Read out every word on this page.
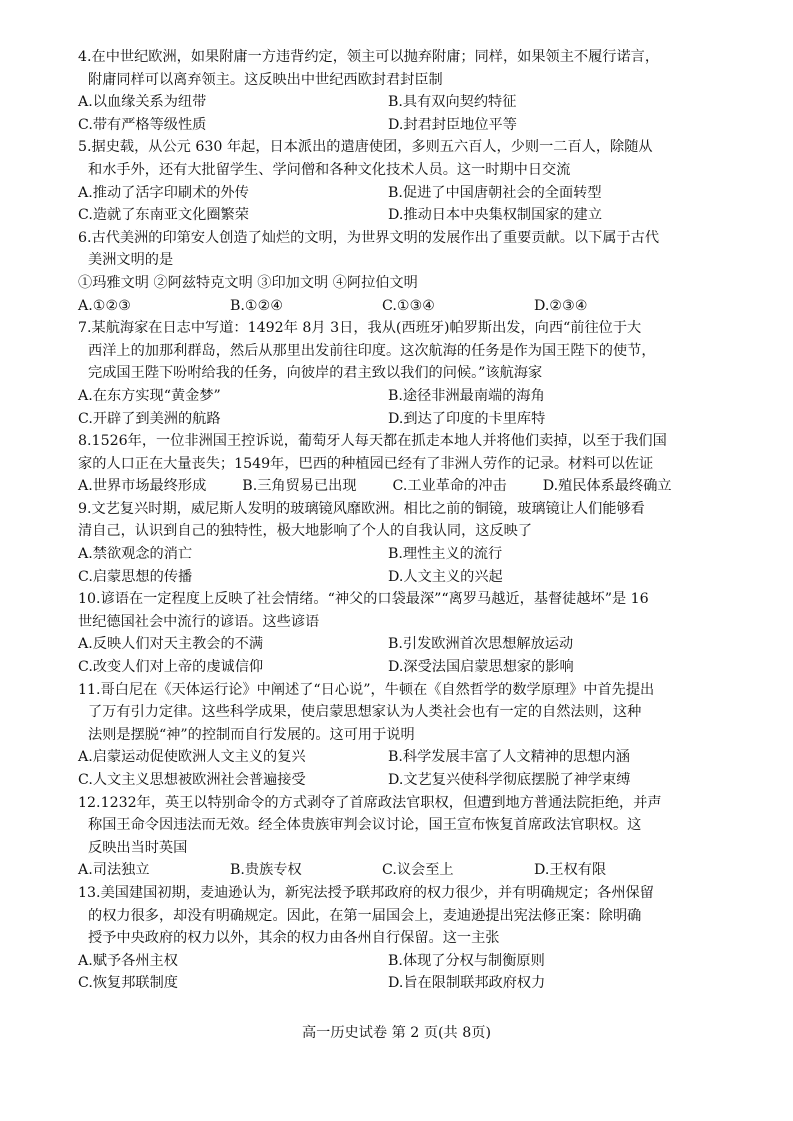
4.在中世纪欧洲，如果附庸一方违背约定，领主可以抛弃附庸；同样，如果领主不履行诺言，
附庸同样可以离弃领主。这反映出中世纪西欧封君封臣制
A.以血缘关系为纽带	B.具有双向契约特征
C.带有严格等级性质	D.封君封臣地位平等
5.据史载，从公元 630 年起，日本派出的遣唐使团，多则五六百人，少则一二百人，除随从
和水手外，还有大批留学生、学问僧和各种文化技术人员。这一时期中日交流
A.推动了活字印刷术的外传	B.促进了中国唐朝社会的全面转型
C.造就了东南亚文化圈繁荣	D.推动日本中央集权制国家的建立
6.古代美洲的印第安人创造了灿烂的文明，为世界文明的发展作出了重要贡献。以下属于古代
美洲文明的是
①玛雅文明 ②阿兹特克文明 ③印加文明 ④阿拉伯文明
A.①②③	B.①②④	C.①③④	D.②③④
7.某航海家在日志中写道：1492年 8月 3日，我从(西班牙)帕罗斯出发，向西“前往位于大
西洋上的加那利群岛，然后从那里出发前往印度。这次航海的任务是作为国王陛下的使节，
完成国王陛下吩咐给我的任务，向彼岸的君主致以我们的问候。”该航海家
A.在东方实现“黄金梦”	B.途径非洲最南端的海角
C.开辟了到美洲的航路	D.到达了印度的卡里库特
8.1526年，一位非洲国王控诉说，葡萄牙人每天都在抓走本地人并将他们卖掉，以至于我们国
家的人口正在大量丧失；1549年，巴西的种植园已经有了非洲人劳作的记录。材料可以佐证
A.世界市场最终形成	B.三角贸易已出现	C.工业革命的冲击	D.殖民体系最终确立
9.文艺复兴时期，威尼斯人发明的玻璃镜风靡欧洲。相比之前的铜镜，玻璃镜让人们能够看
清自己，认识到自己的独特性，极大地影响了个人的自我认同，这反映了
A.禁欲观念的消亡	B.理性主义的流行
C.启蒙思想的传播	D.人文主义的兴起
10.谚语在一定程度上反映了社会情绪。“神父的口袋最深”“离罗马越近，基督徒越坏”是 16
世纪德国社会中流行的谚语。这些谚语
A.反映人们对天主教会的不满	B.引发欧洲首次思想解放运动
C.改变人们对上帝的虔诚信仰	D.深受法国启蒙思想家的影响
11.哥白尼在《天体运行论》中阐述了“日心说”，牛顿在《自然哲学的数学原理》中首先提出
了万有引力定律。这些科学成果，使启蒙思想家认为人类社会也有一定的自然法则，这种
法则是摆脱“神”的控制而自行发展的。这可用于说明
A.启蒙运动促使欧洲人文主义的复兴	B.科学发展丰富了人文精神的思想内涵
C.人文主义思想被欧洲社会普遍接受	D.文艺复兴使科学彻底摆脱了神学束缚
12.1232年，英王以特别命令的方式剥夺了首席政法官职权，但遭到地方普通法院拒绝，并声
称国王命令因违法而无效。经全体贵族审判会议讨论，国王宣布恢复首席政法官职权。这
反映出当时英国
A.司法独立	B.贵族专权	C.议会至上	D.王权有限
13.美国建国初期，麦迪逊认为，新宪法授予联邦政府的权力很少，并有明确规定；各州保留
的权力很多，却没有明确规定。因此，在第一届国会上，麦迪逊提出宪法修正案：除明确
授予中央政府的权力以外，其余的权力由各州自行保留。这一主张
A.赋予各州主权	B.体现了分权与制衡原则
C.恢复邦联制度	D.旨在限制联邦政府权力
高一历史试卷 第 2 页(共 8页)
